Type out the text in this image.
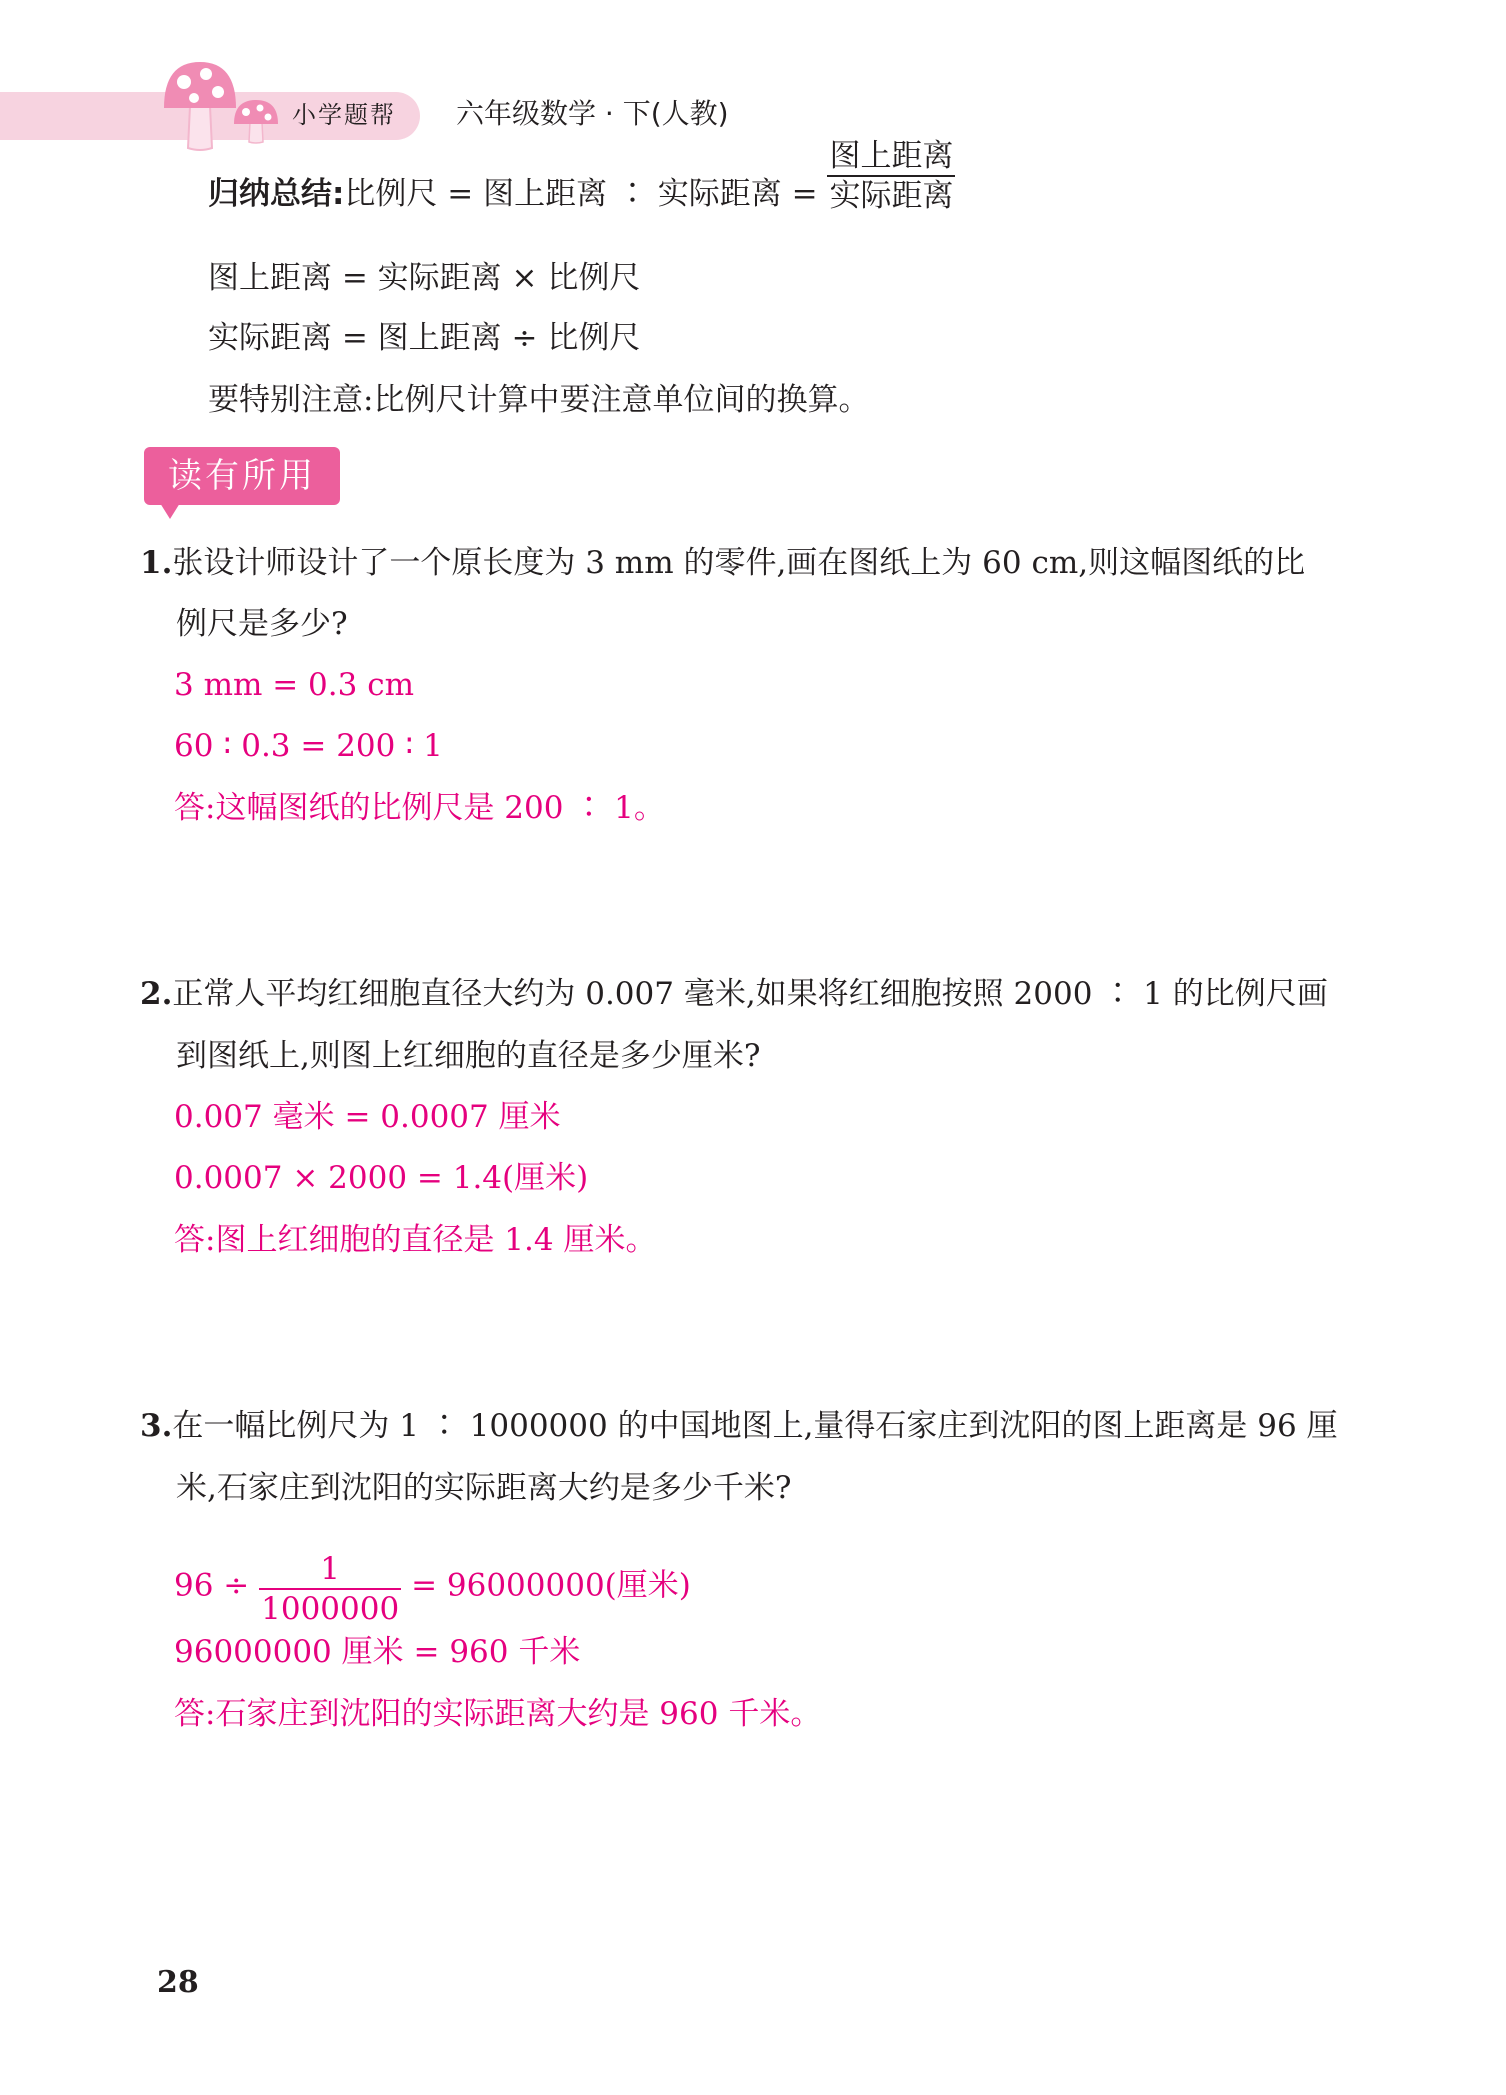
小学题帮 六年级数学 · 下(人教)
归纳总结:比例尺 = 图上距离 ∶ 实际距离 = $\frac{\text{图上距离}}{\text{实际距离}}$
图上距离 = 实际距离 × 比例尺
实际距离 = 图上距离 ÷ 比例尺
要特别注意:比例尺计算中要注意单位间的换算。
读有所用
1.张设计师设计了一个原长度为 3 mm 的零件,画在图纸上为 60 cm,则这幅图纸的比
例尺是多少?
3 mm = 0.3 cm
60 ∶ 0.3 = 200 ∶ 1
答:这幅图纸的比例尺是 200 ∶ 1。
2.正常人平均红细胞直径大约为 0.007 毫米,如果将红细胞按照 2000 ∶ 1 的比例尺画
到图纸上,则图上红细胞的直径是多少厘米?
0.007 毫米 = 0.0007 厘米
0.0007 × 2000 = 1.4(厘米)
答:图上红细胞的直径是 1.4 厘米。
3.在一幅比例尺为 1 ∶ 1000000 的中国地图上,量得石家庄到沈阳的图上距离是 96 厘
米,石家庄到沈阳的实际距离大约是多少千米?
$96 \div \frac{1}{1000000} = 96000000$(厘米)
96000000 厘米 = 960 千米
答:石家庄到沈阳的实际距离大约是 960 千米。
28
